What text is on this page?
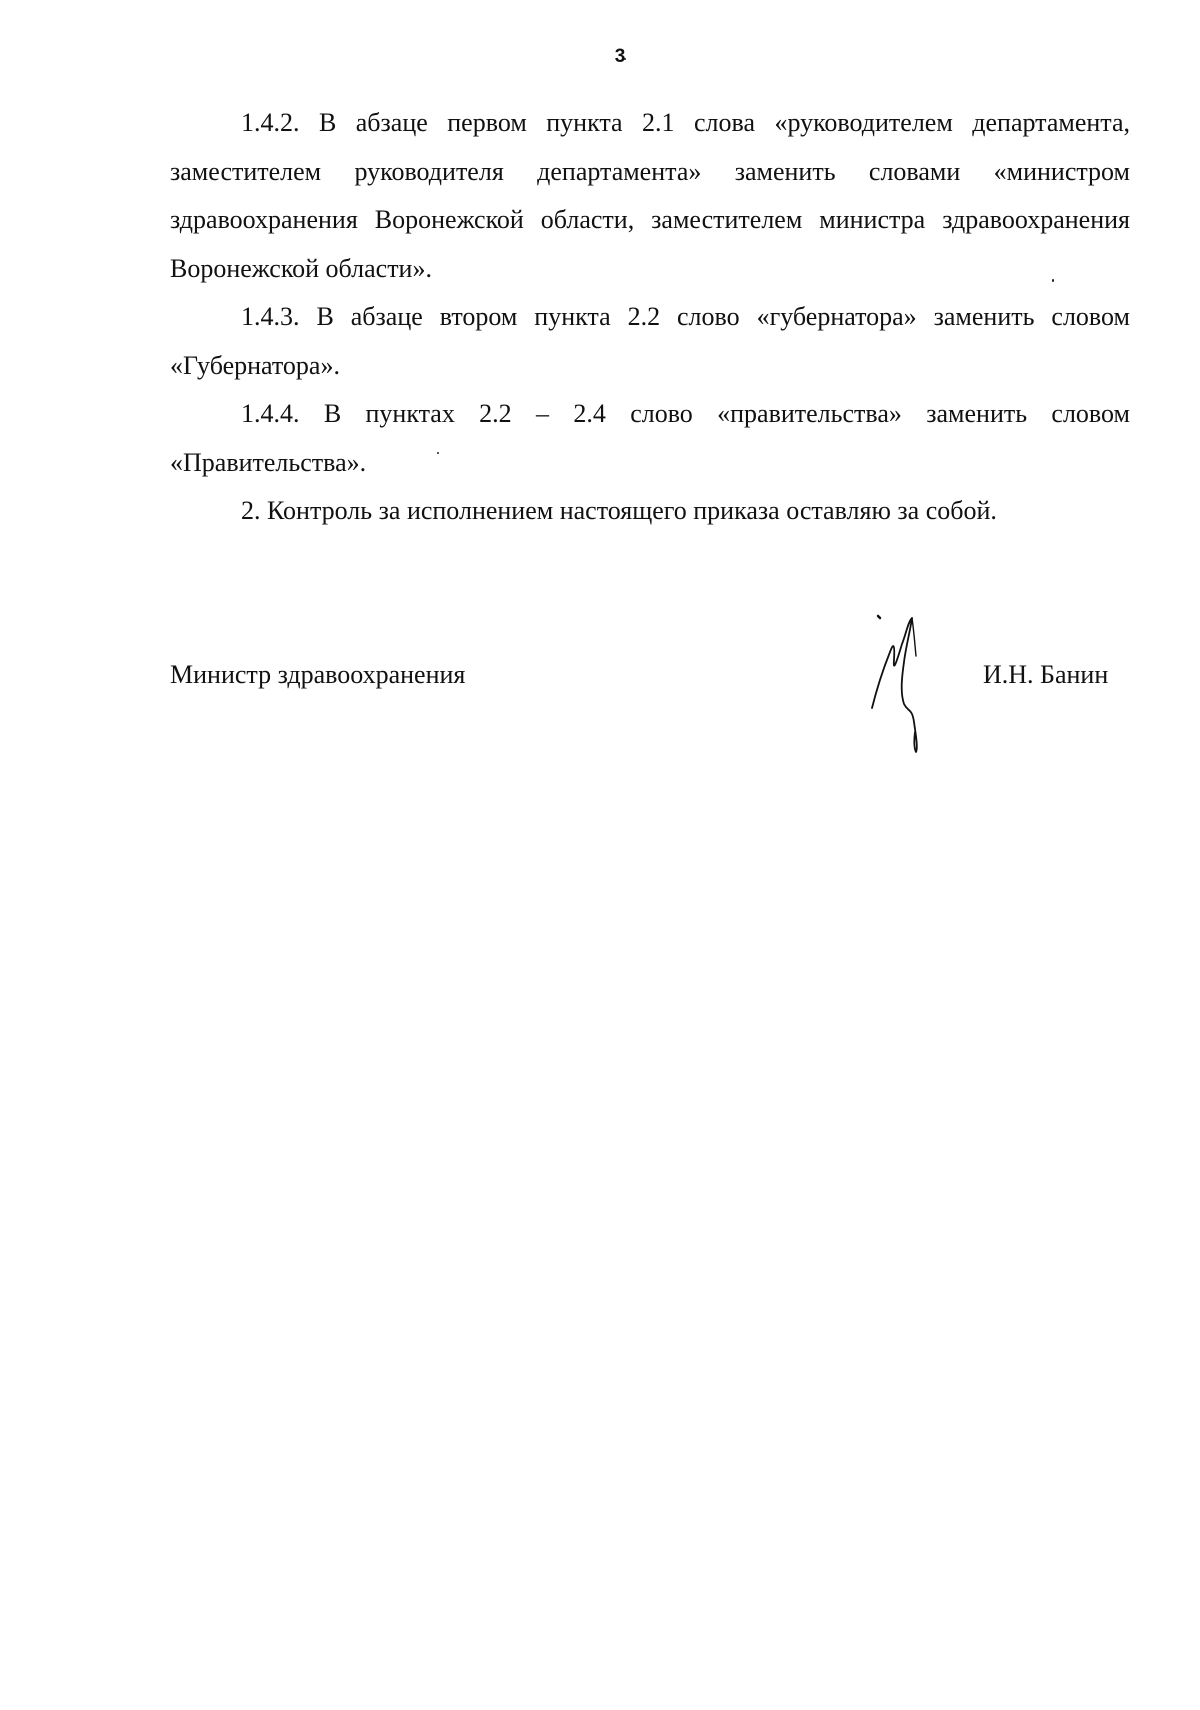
3

1.4.2. В абзаце первом пункта 2.1 слова «руководителем департамента, заместителем руководителя департамента» заменить словами «министром здравоохранения Воронежской области, заместителем министра здравоохранения Воронежской области».

1.4.3. В абзаце втором пункта 2.2 слово «губернатора» заменить словом «Губернатора».

1.4.4. В пунктах 2.2 – 2.4 слово «правительства» заменить словом «Правительства».

2. Контроль за исполнением настоящего приказа оставляю за собой.

Министр здравоохранения	И.Н. Банин
